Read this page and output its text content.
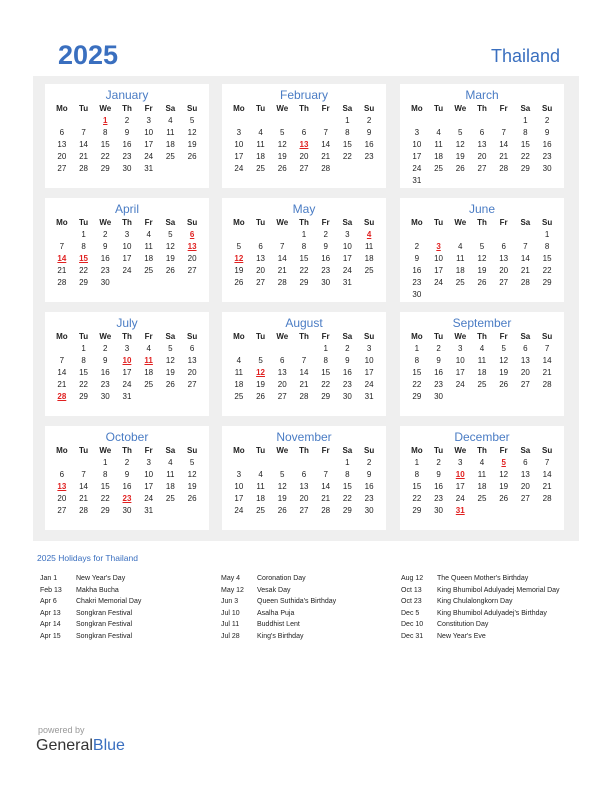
2025	Thailand
January
Mo	Tu	We	Th	Fr	Sa	Su
		1	2	3	4	5
6	7	8	9	10	11	12
13	14	15	16	17	18	19
20	21	22	23	24	25	26
27	28	29	30	31		
February
Mo	Tu	We	Th	Fr	Sa	Su
					1	2
3	4	5	6	7	8	9
10	11	12	13	14	15	16
17	18	19	20	21	22	23
24	25	26	27	28		
March
Mo	Tu	We	Th	Fr	Sa	Su
					1	2
3	4	5	6	7	8	9
10	11	12	13	14	15	16
17	18	19	20	21	22	23
24	25	26	27	28	29	30
31						
April
Mo	Tu	We	Th	Fr	Sa	Su
	1	2	3	4	5	6
7	8	9	10	11	12	13
14	15	16	17	18	19	20
21	22	23	24	25	26	27
28	29	30				
May
Mo	Tu	We	Th	Fr	Sa	Su
			1	2	3	4
5	6	7	8	9	10	11
12	13	14	15	16	17	18
19	20	21	22	23	24	25
26	27	28	29	30	31	
June
Mo	Tu	We	Th	Fr	Sa	Su
						1
2	3	4	5	6	7	8
9	10	11	12	13	14	15
16	17	18	19	20	21	22
23	24	25	26	27	28	29
30						
July
Mo	Tu	We	Th	Fr	Sa	Su
	1	2	3	4	5	6
7	8	9	10	11	12	13
14	15	16	17	18	19	20
21	22	23	24	25	26	27
28	29	30	31			
August
Mo	Tu	We	Th	Fr	Sa	Su
				1	2	3
4	5	6	7	8	9	10
11	12	13	14	15	16	17
18	19	20	21	22	23	24
25	26	27	28	29	30	31
September
Mo	Tu	We	Th	Fr	Sa	Su
1	2	3	4	5	6	7
8	9	10	11	12	13	14
15	16	17	18	19	20	21
22	23	24	25	26	27	28
29	30					
October
Mo	Tu	We	Th	Fr	Sa	Su
		1	2	3	4	5
6	7	8	9	10	11	12
13	14	15	16	17	18	19
20	21	22	23	24	25	26
27	28	29	30	31		
November
Mo	Tu	We	Th	Fr	Sa	Su
					1	2
3	4	5	6	7	8	9
10	11	12	13	14	15	16
17	18	19	20	21	22	23
24	25	26	27	28	29	30
December
Mo	Tu	We	Th	Fr	Sa	Su
1	2	3	4	5	6	7
8	9	10	11	12	13	14
15	16	17	18	19	20	21
22	23	24	25	26	27	28
29	30	31				
2025 Holidays for Thailand
Jan 1	New Year's Day
Feb 13	Makha Bucha
Apr 6	Chakri Memorial Day
Apr 13	Songkran Festival
Apr 14	Songkran Festival
Apr 15	Songkran Festival
May 4	Coronation Day
May 12	Vesak Day
Jun 3	Queen Suthida's Birthday
Jul 10	Asalha Puja
Jul 11	Buddhist Lent
Jul 28	King's Birthday
Aug 12	The Queen Mother's Birthday
Oct 13 King Bhumibol Adulyadej Memorial Day
Oct 23	King Chulalongkorn Day
Dec 5	King Bhumibol Adulyadej's Birthday
Dec 10	Constitution Day
Dec 31	New Year's Eve
powered by
GeneralBlue
